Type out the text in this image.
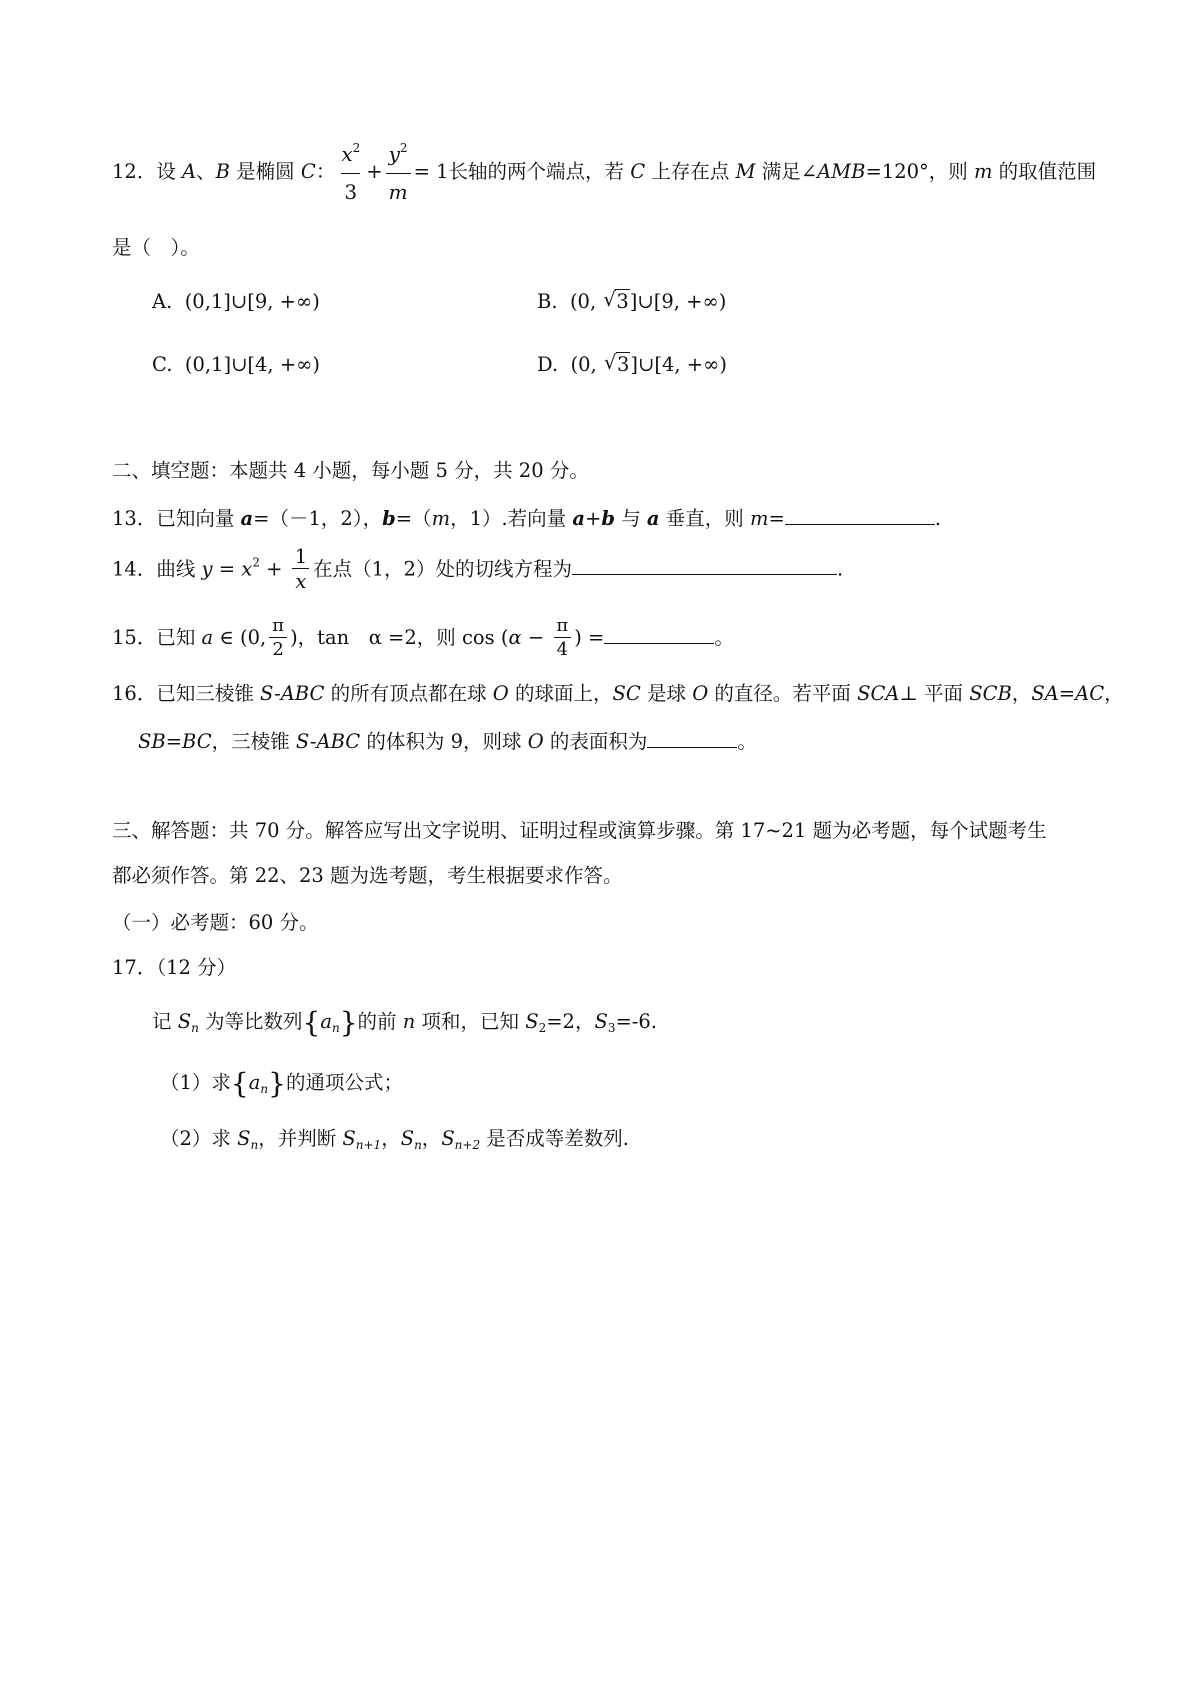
12．设 A、B 是椭圆 C： $\frac{x^2}{3} + \frac{y^2}{m} = 1$长轴的两个端点，若 C 上存在点 M 满足∠AMB=120°，则 m 的取值范围
是（　）。
A. (0,1]∪[9, +∞)	B. (0, √ 3]∪[9, +∞)
C. (0,1]∪[4, +∞)	D. (0, √ 3]∪[4, +∞)
二、填空题：本题共 4 小题，每小题 5 分，共 20 分。
13．已知向量 a=（－1，2），b=（m，1）.若向量 a+b 与 a 垂直，则 m=	.
14．曲线 $y = x^2 + \frac{1}{x}$ 在点（1，2）处的切线方程为	.
15．已知 a ∈ (0, $\frac{\pi}{2}$ )，tan　α =2，则 $\cos (\alpha - \frac{\pi}{4}$ ) =	。
16．已知三棱锥 S-ABC 的所有顶点都在球 O 的球面上，SC 是球 O 的直径。若平面 SCA⊥ 平面 SCB，SA=AC，
SB=BC，三棱锥 S-ABC 的体积为 9，则球 O 的表面积为	。
三、解答题：共 70 分。解答应写出文字说明、证明过程或演算步骤。第 17~21 题为必考题，每个试题考生
都必须作答。第 22、23 题为选考题，考生根据要求作答。
（一）必考题：60 分。
17．（12 分）
记 $S_n$ 为等比数列$\{a_n\}$的前 n 项和，已知 $S_2=2$，$S_3=-6$.
（1）求$\{a_n\}$的通项公式；
（2）求 $S_n$，并判断 $S_{n+1}$，$S_n$，$S_{n+2}$ 是否成等差数列.
